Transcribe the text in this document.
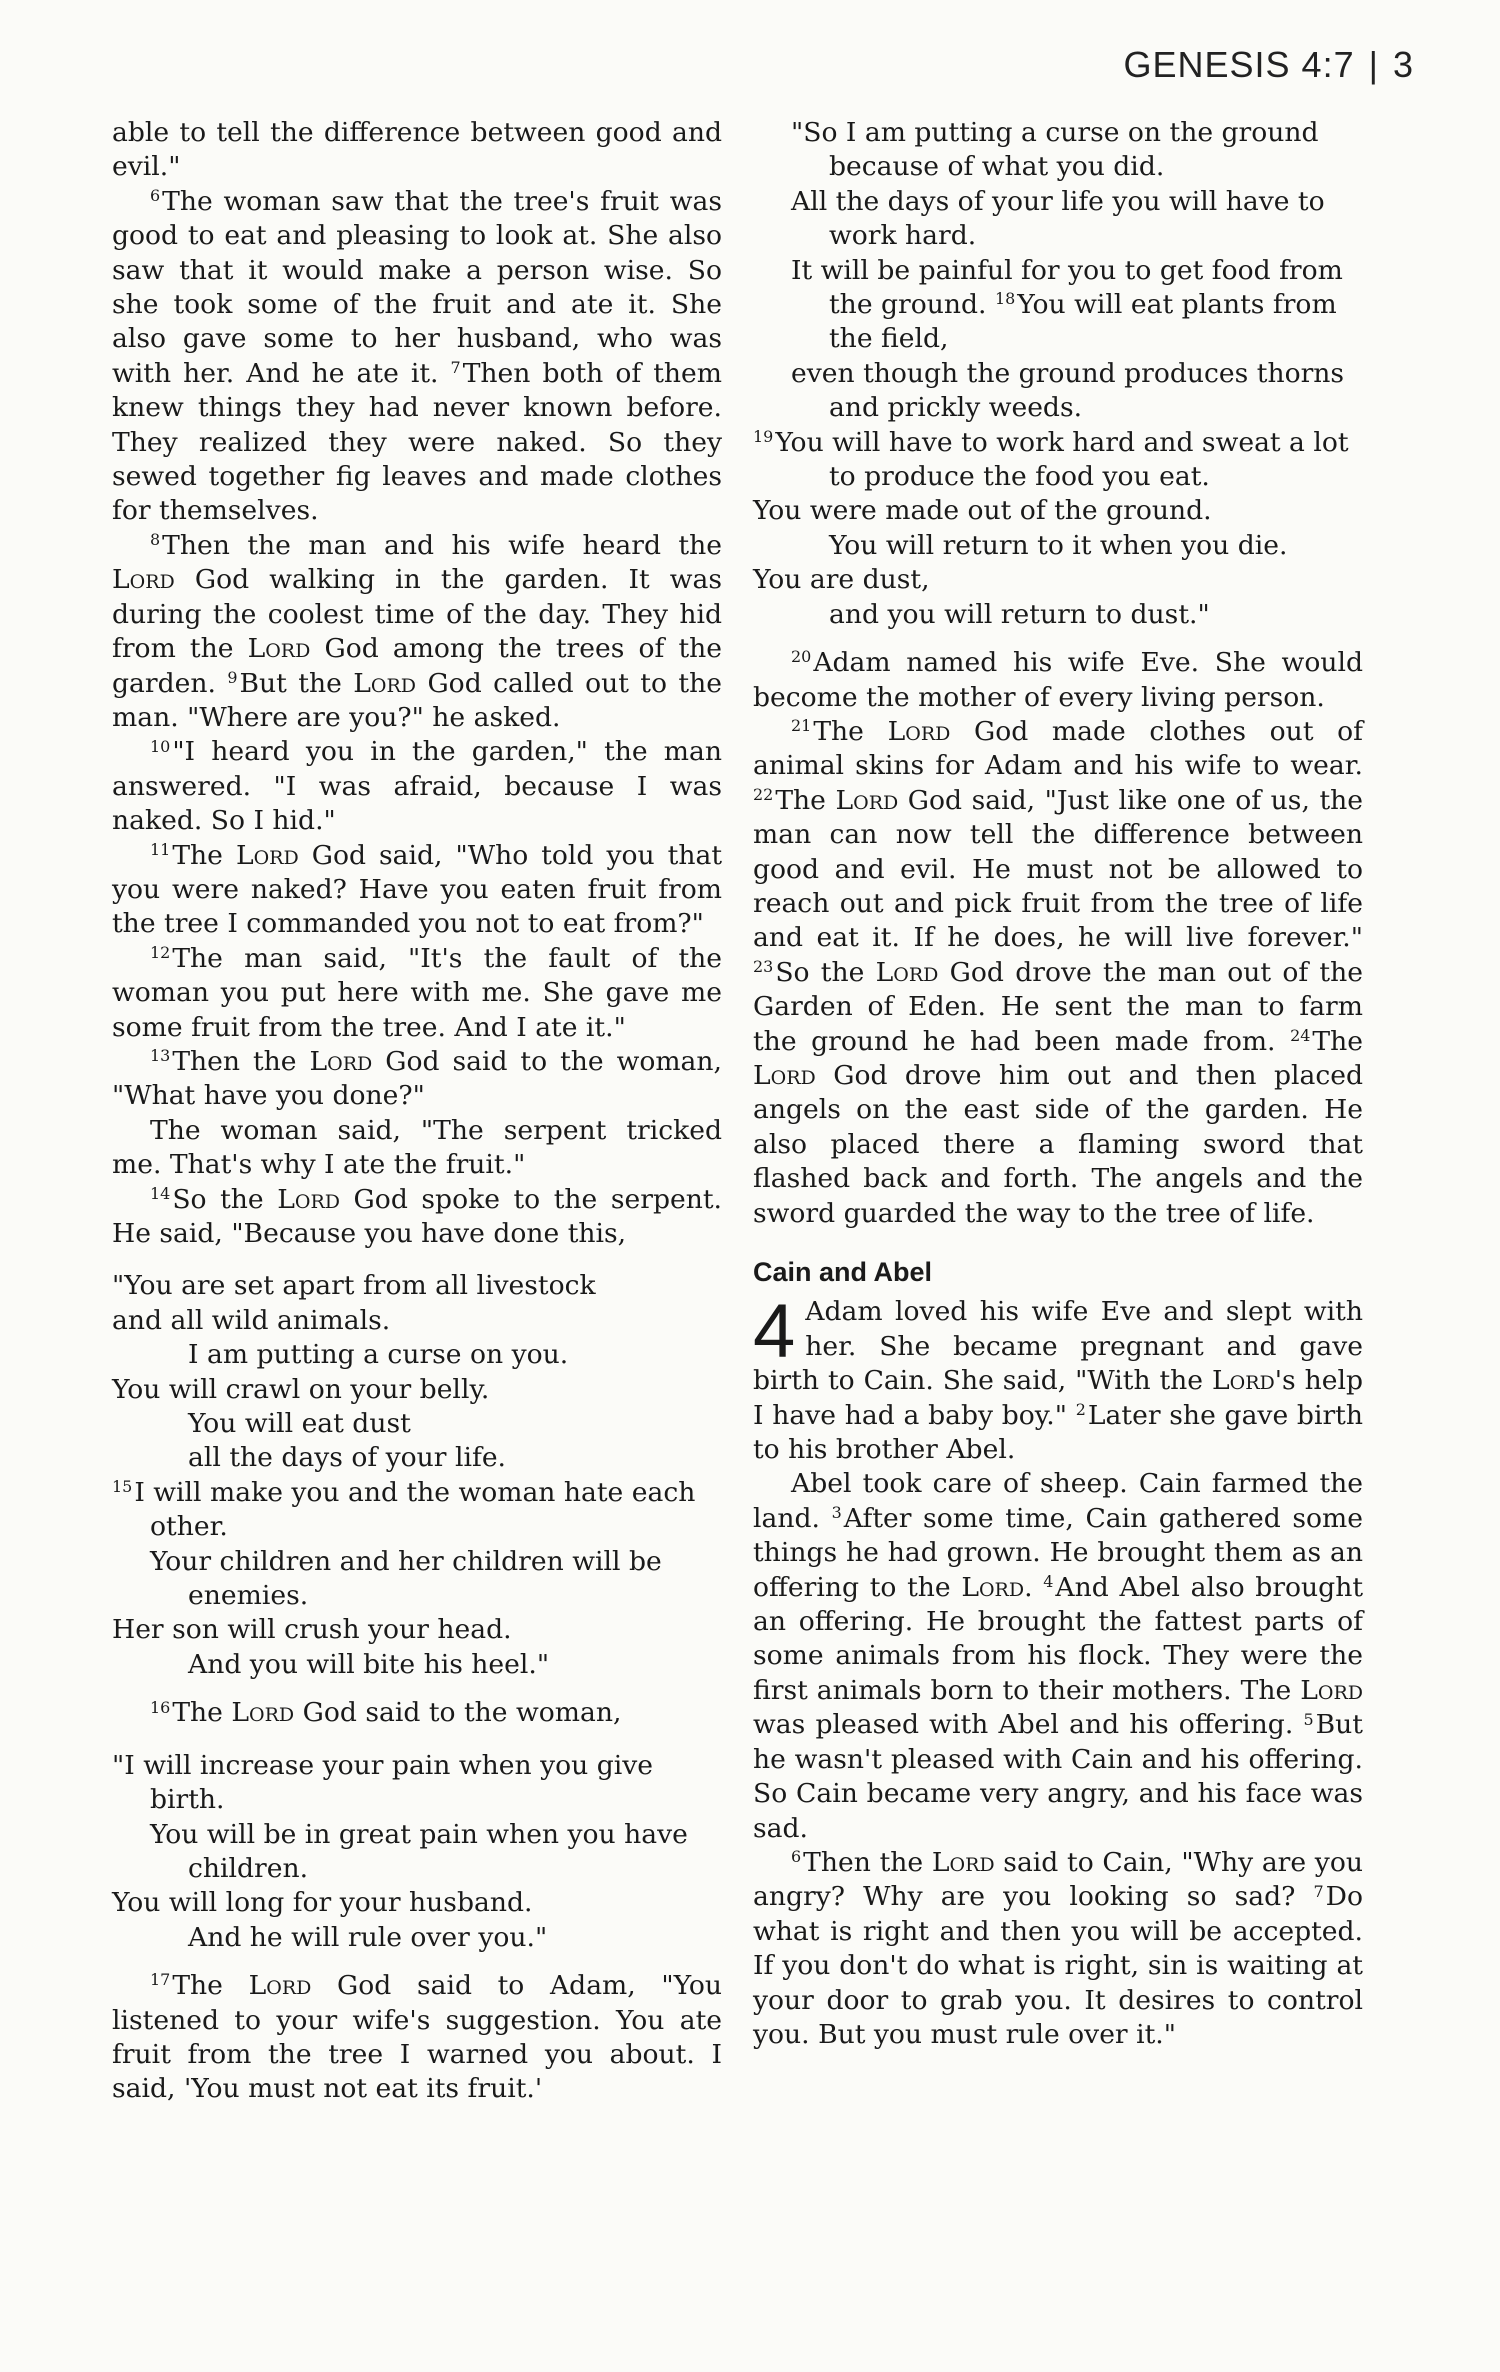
GENESIS 4:7 | 3

able to tell the difference between good and evil."

$^6$The woman saw that the tree's fruit was good to eat and pleasing to look at. She also saw that it would make a person wise. So she took some of the fruit and ate it. She also gave some to her husband, who was with her. And he ate it. $^7$Then both of them knew things they had never known before. They realized they were naked. So they sewed together fig leaves and made clothes for themselves.

$^8$Then the man and his wife heard the Lord God walking in the garden. It was during the coolest time of the day. They hid from the Lord God among the trees of the garden. $^9$But the Lord God called out to the man. "Where are you?" he asked.

$^{10}$"I heard you in the garden," the man answered. "I was afraid, because I was naked. So I hid."

$^{11}$The Lord God said, "Who told you that you were naked? Have you eaten fruit from the tree I commanded you not to eat from?"

$^{12}$The man said, "It's the fault of the woman you put here with me. She gave me some fruit from the tree. And I ate it."

$^{13}$Then the Lord God said to the woman, "What have you done?"

The woman said, "The serpent tricked me. That's why I ate the fruit."

$^{14}$So the Lord God spoke to the serpent. He said, "Because you have done this,

"You are set apart from all livestock

and all wild animals.

I am putting a curse on you.

You will crawl on your belly.

You will eat dust

all the days of your life.

$^{15}$I will make you and the woman hate each other.

Your children and her children will be enemies.

Her son will crush your head.

And you will bite his heel."

$^{16}$The Lord God said to the woman,

"I will increase your pain when you give birth.

You will be in great pain when you have children.

You will long for your husband.

And he will rule over you."

$^{17}$The Lord God said to Adam, "You listened to your wife's suggestion. You ate fruit from the tree I warned you about. I said, 'You must not eat its fruit.'

"So I am putting a curse on the ground because of what you did.

All the days of your life you will have to work hard.

It will be painful for you to get food from the ground. $^{18}$You will eat plants from the field,

even though the ground produces thorns and prickly weeds.

$^{19}$You will have to work hard and sweat a lot

to produce the food you eat.

You were made out of the ground.

You will return to it when you die.

You are dust,

and you will return to dust."

$^{20}$Adam named his wife Eve. She would become the mother of every living person.

$^{21}$The Lord God made clothes out of animal skins for Adam and his wife to wear. $^{22}$The Lord God said, "Just like one of us, the man can now tell the difference between good and evil. He must not be allowed to reach out and pick fruit from the tree of life and eat it. If he does, he will live forever." $^{23}$So the Lord God drove the man out of the Garden of Eden. He sent the man to farm the ground he had been made from. $^{24}$The Lord God drove him out and then placed angels on the east side of the garden. He also placed there a flaming sword that flashed back and forth. The angels and the sword guarded the way to the tree of life.

Cain and Abel

4 Adam loved his wife Eve and slept with her. She became pregnant and gave birth to Cain. She said, "With the Lord's help I have had a baby boy." $^2$Later she gave birth to his brother Abel.

Abel took care of sheep. Cain farmed the land. $^3$After some time, Cain gathered some things he had grown. He brought them as an offering to the Lord. $^4$And Abel also brought an offering. He brought the fattest parts of some animals from his flock. They were the first animals born to their mothers. The Lord was pleased with Abel and his offering. $^5$But he wasn't pleased with Cain and his offering. So Cain became very angry, and his face was sad.

$^6$Then the Lord said to Cain, "Why are you angry? Why are you looking so sad? $^7$Do what is right and then you will be accepted. If you don't do what is right, sin is waiting at your door to grab you. It desires to control you. But you must rule over it."
